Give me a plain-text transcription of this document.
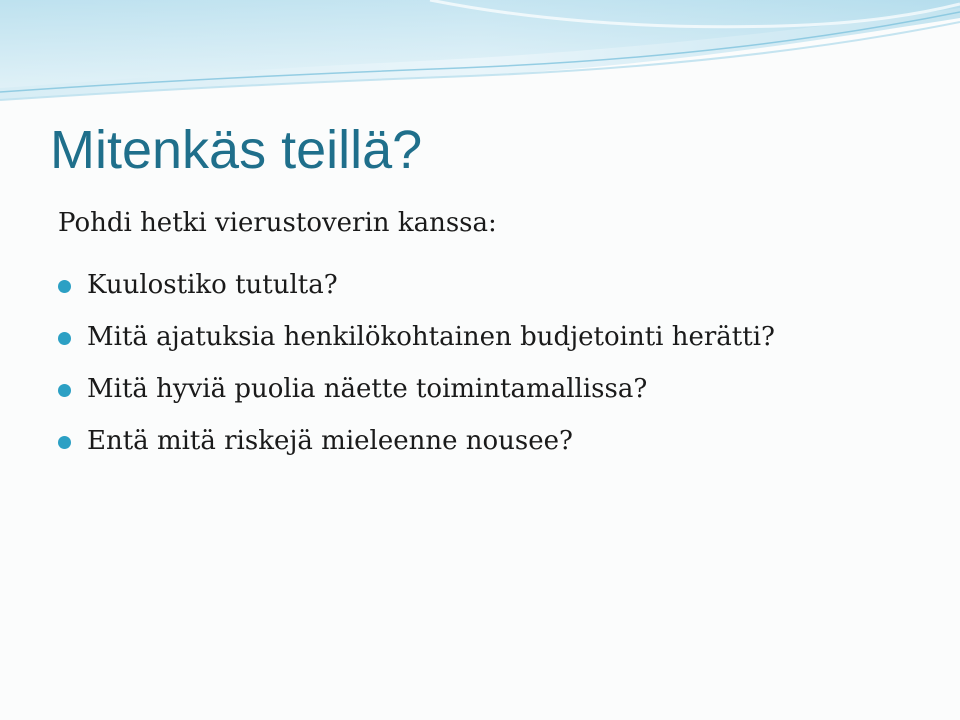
Mitenkäs teillä?
Pohdi hetki vierustoverin kanssa:
Kuulostiko tutulta?
Mitä ajatuksia henkilökohtainen budjetointi herätti?
Mitä hyviä puolia näette toimintamallissa?
Entä mitä riskejä mieleenne nousee?
